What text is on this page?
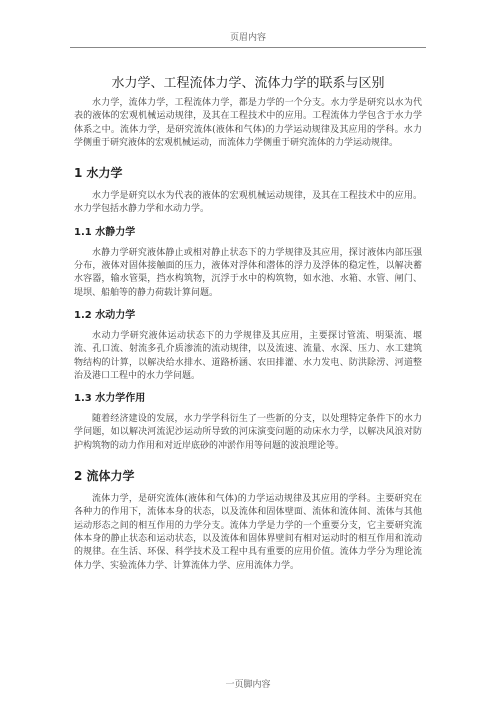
页眉内容
水力学、工程流体力学、流体力学的联系与区别

水力学，流体力学，工程流体力学，都是力学的一个分支。水力学是研究以水为代表的液体的宏观机械运动规律，及其在工程技术中的应用。工程流体力学包含于水力学体系之中。流体力学，是研究流体(液体和气体)的力学运动规律及其应用的学科。水力学侧重于研究液体的宏观机械运动，而流体力学侧重于研究流体的力学运动规律。

1 水力学

水力学是研究以水为代表的液体的宏观机械运动规律，及其在工程技术中的应用。水力学包括水静力学和水动力学。

1.1 水静力学

水静力学研究液体静止或相对静止状态下的力学规律及其应用，探讨液体内部压强分布，液体对固体接触面的压力，液体对浮体和潜体的浮力及浮体的稳定性，以解决蓄水容器，输水管渠，挡水构筑物，沉浮于水中的构筑物，如水池、水箱、水管、闸门、堤坝、船舶等的静力荷载计算问题。

1.2 水动力学

水动力学研究液体运动状态下的力学规律及其应用，主要探讨管流、明渠流、堰流、孔口流、射流多孔介质渗流的流动规律，以及流速、流量、水深、压力、水工建筑物结构的计算，以解决给水排水、道路桥涵、农田排灌、水力发电、防洪除涝、河道整治及港口工程中的水力学问题。

1.3 水力学作用

随着经济建设的发展，水力学学科衍生了一些新的分支，以处理特定条件下的水力学问题，如以解决河流泥沙运动所导致的河床演变问题的动床水力学，以解决风浪对防护构筑物的动力作用和对近岸底砂的冲淤作用等问题的波浪理论等。

2 流体力学

流体力学，是研究流体(液体和气体)的力学运动规律及其应用的学科。主要研究在各种力的作用下，流体本身的状态，以及流体和固体壁面、流体和流体间、流体与其他运动形态之间的相互作用的力学分支。流体力学是力学的一个重要分支，它主要研究流体本身的静止状态和运动状态，以及流体和固体界壁间有相对运动时的相互作用和流动的规律。在生活、环保、科学技术及工程中具有重要的应用价值。流体力学分为理论流体力学、实验流体力学、计算流体力学、应用流体力学。

一页脚内容
